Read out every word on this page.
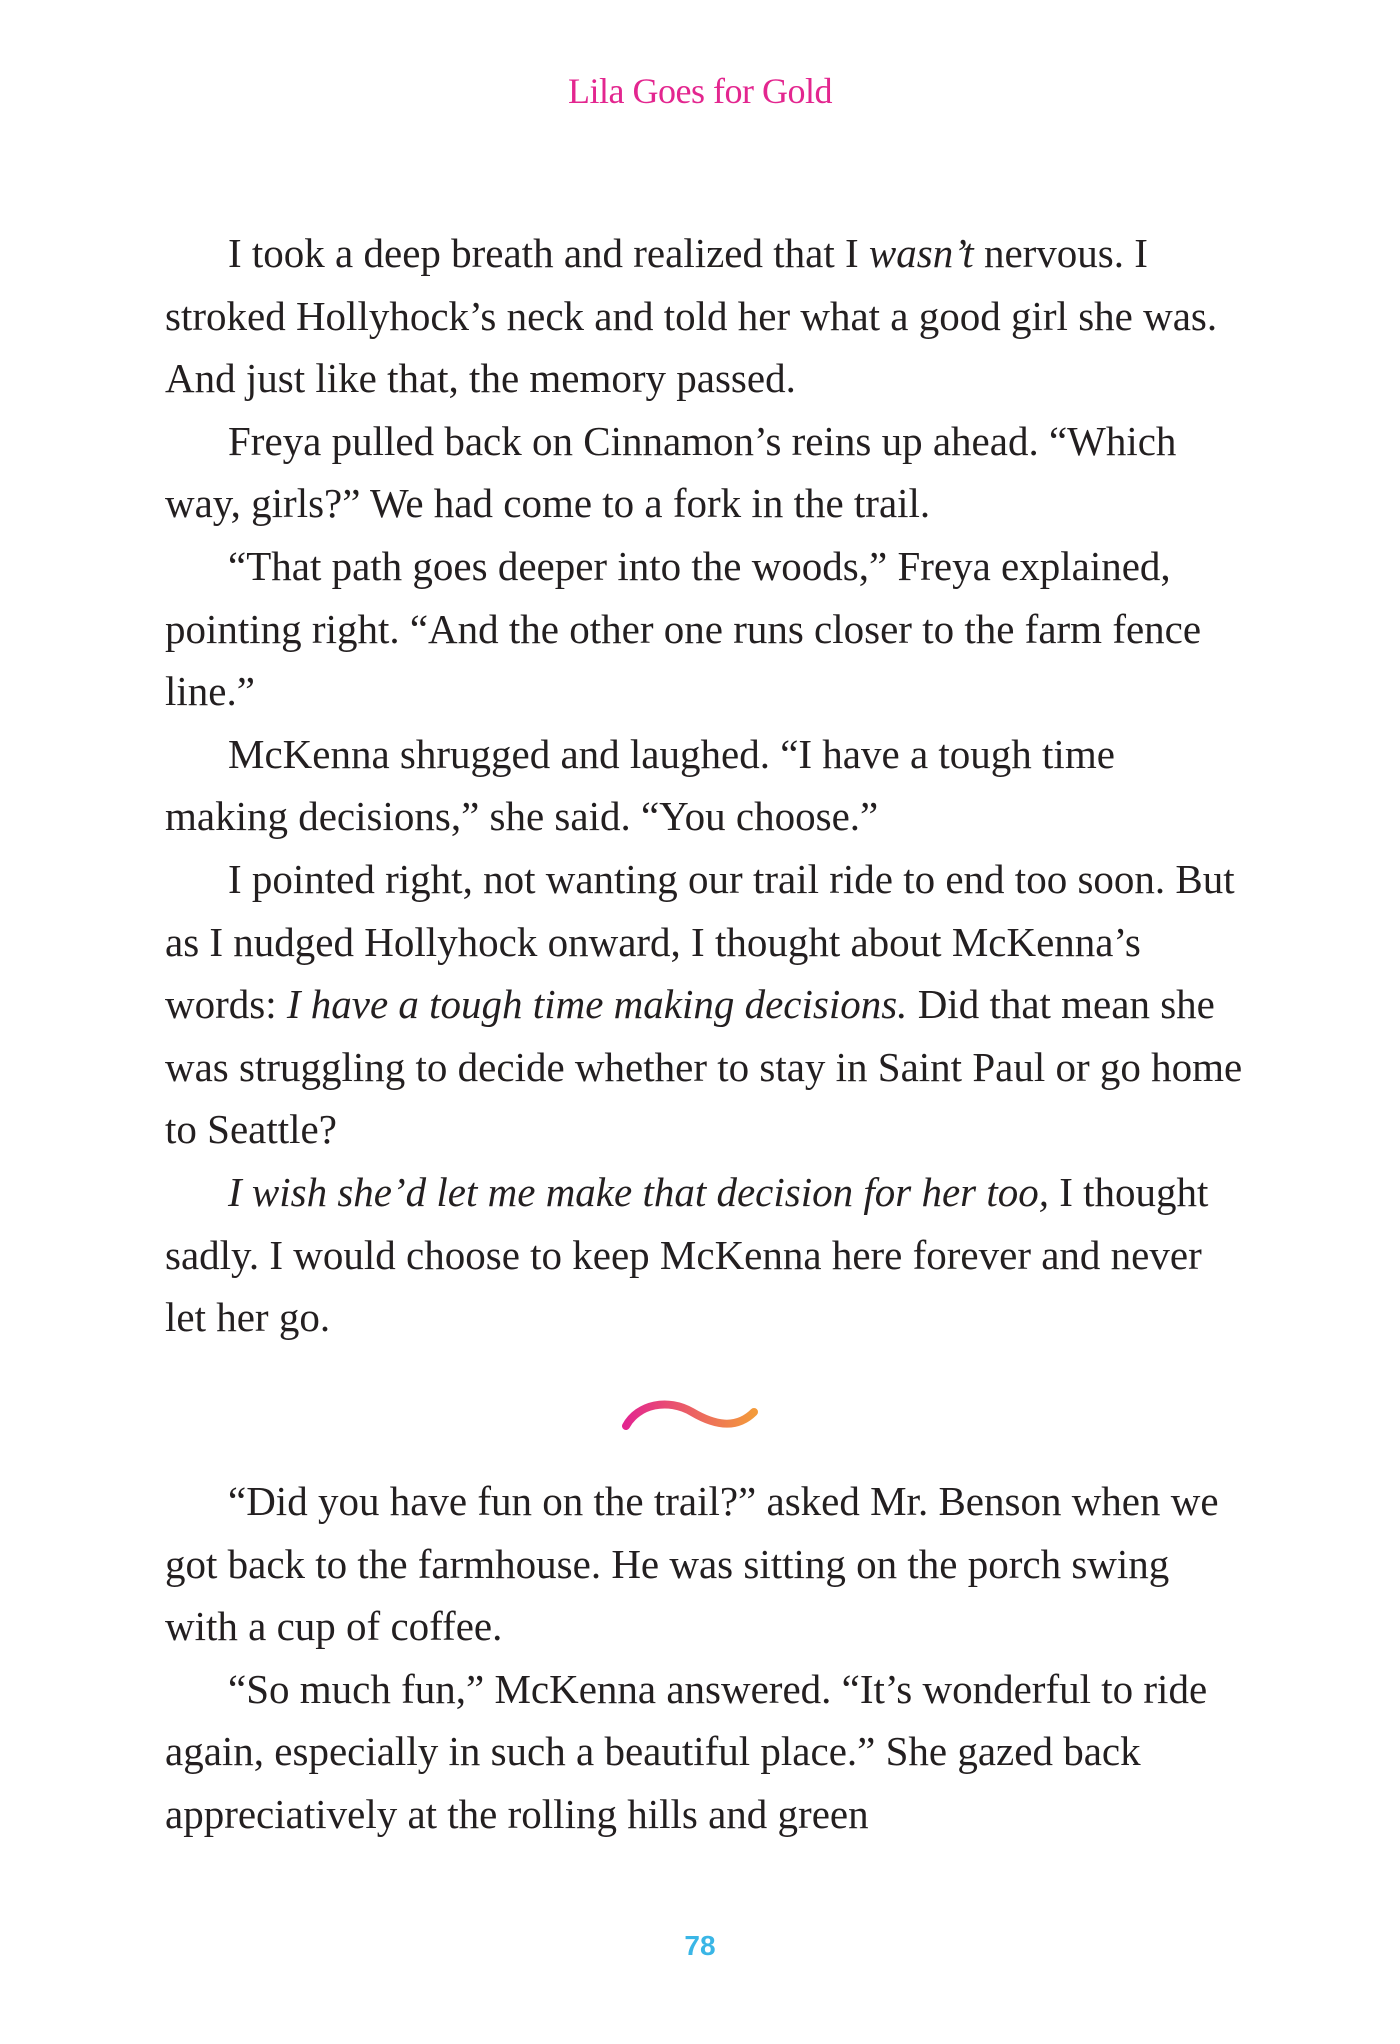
Lila Goes for Gold

I took a deep breath and realized that I wasn’t nervous. I stroked Hollyhock’s neck and told her what a good girl she was. And just like that, the memory passed.

Freya pulled back on Cinnamon’s reins up ahead. “Which way, girls?” We had come to a fork in the trail.

“That path goes deeper into the woods,” Freya explained, pointing right. “And the other one runs closer to the farm fence line.”

McKenna shrugged and laughed. “I have a tough time making decisions,” she said. “You choose.”

I pointed right, not wanting our trail ride to end too soon. But as I nudged Hollyhock onward, I thought about McKenna’s words: I have a tough time making decisions. Did that mean she was struggling to decide whether to stay in Saint Paul or go home to Seattle?

I wish she’d let me make that decision for her too, I thought sadly. I would choose to keep McKenna here forever and never let her go.

“Did you have fun on the trail?” asked Mr. Benson when we got back to the farmhouse. He was sitting on the porch swing with a cup of coffee.

“So much fun,” McKenna answered. “It’s wonderful to ride again, especially in such a beautiful place.” She gazed back appreciatively at the rolling hills and green

78
